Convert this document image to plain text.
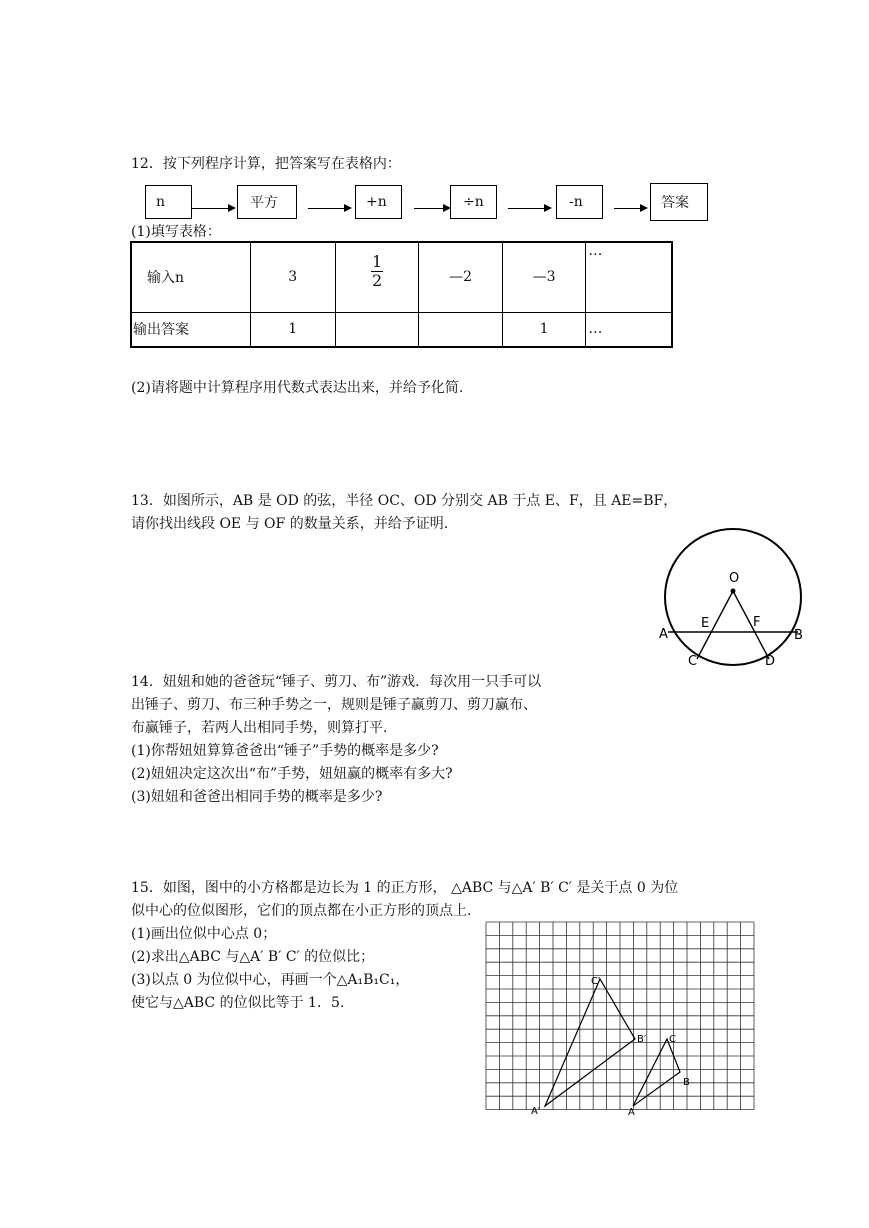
12．按下列程序计算，把答案写在表格内：
n	平方	+n	÷n	-n	答案
(1)填写表格：
输入n	3	$\frac{1}{2}$	—2	—3	…
输出答案	1			1	…
(2)请将题中计算程序用代数式表达出来，并给予化简.
13．如图所示，AB 是 OD 的弦，半径 OC、OD 分别交 AB 于点 E、F，且 AE=BF，
请你找出线段 OE 与 OF 的数量关系，并给予证明.
O
A	B
C	D
E	F
14．妞妞和她的爸爸玩“锤子、剪刀、布”游戏．每次用一只手可以
出锤子、剪刀、布三种手势之一，规则是锤子赢剪刀、剪刀赢布、
布赢锤子，若两人出相同手势，则算打平．
(1)你帮妞妞算算爸爸出“锤子”手势的概率是多少?
(2)妞妞决定这次出“布”手势，妞妞赢的概率有多大?
(3)妞妞和爸爸出相同手势的概率是多少?
15．如图，图中的小方格都是边长为 1 的正方形， △ABC 与△A′ B′ C′ 是关于点 0 为位
似中心的位似图形，它们的顶点都在小正方形的顶点上.
(1)画出位似中心点 0；
(2)求出△ABC 与△A′ B′ C′ 的位似比；
(3)以点 0 为位似中心，再画一个△A₁B₁C₁，
使它与△ABC 的位似比等于 1．5.
A′
B′
C′
A
B
C
